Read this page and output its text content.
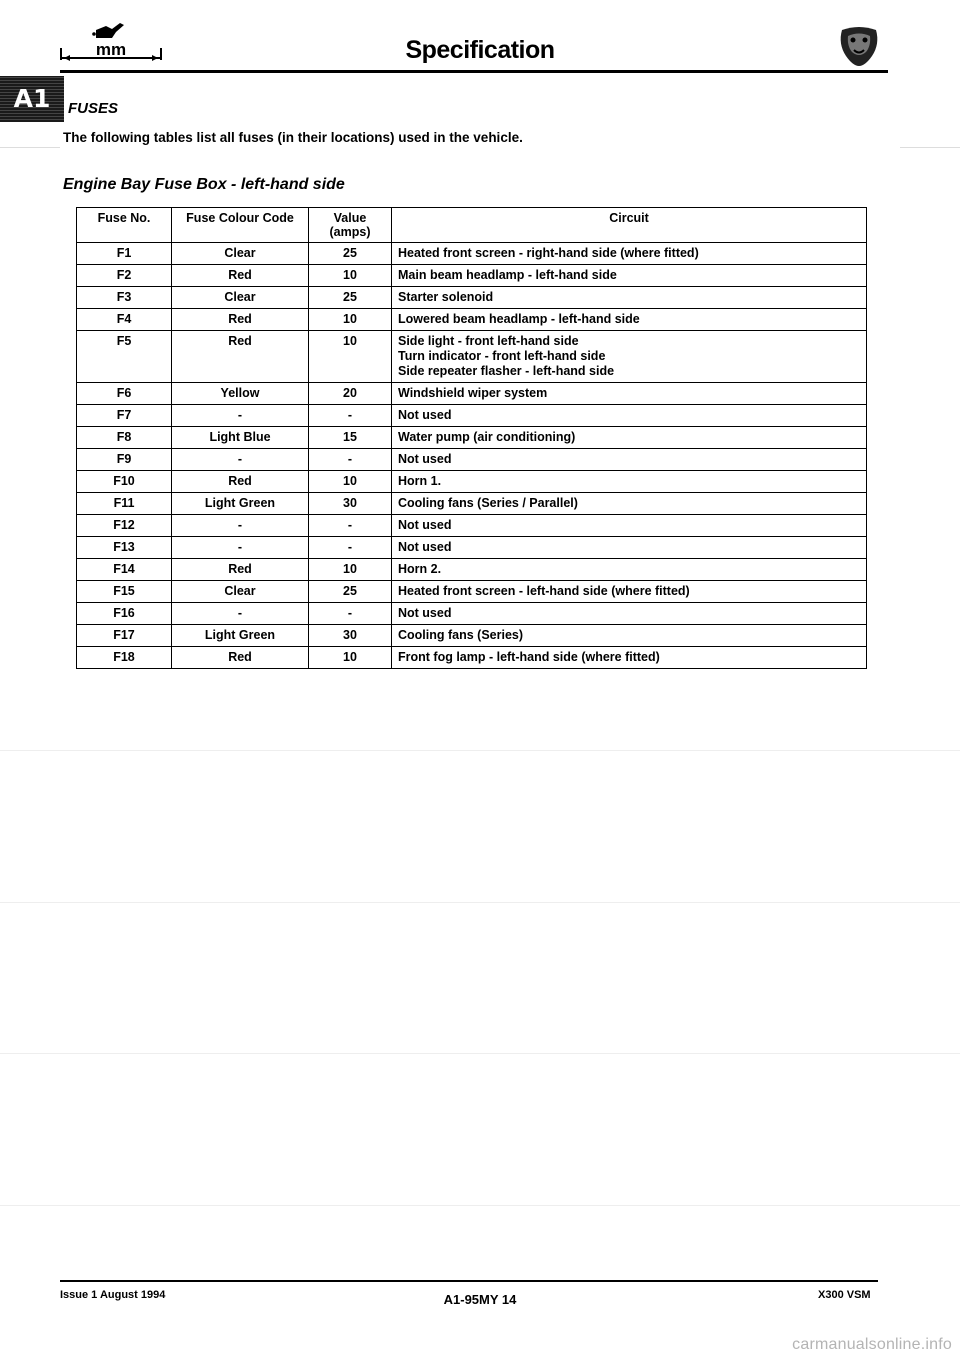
mm	Specification
A1	FUSES
The following tables list all fuses (in their locations) used in the vehicle.
Engine Bay Fuse Box - left-hand side
Fuse No.	Fuse Colour Code	Value (amps)	Circuit
F1	Clear	25	Heated front screen - right-hand side (where fitted)

F2	Red	10	Main beam headlamp - left-hand side

F3	Clear	25	Starter solenoid

F4	Red	10	Lowered beam headlamp - left-hand side

F5	Red	10	Side light - front left-hand side
Turn indicator - front left-hand side
Side repeater flasher - left-hand side

F6	Yellow	20	Windshield wiper system

F7	-	-	Not used

F8	Light Blue	15	Water pump (air conditioning)

F9	-	-	Not used

F10	Red	10	Horn 1.

F11	Light Green	30	Cooling fans (Series / Parallel)

F12	-	-	Not used

F13	-	-	Not used

F14	Red	10	Horn 2.

F15	Clear	25	Heated front screen - left-hand side (where fitted)

F16	-	-	Not used

F17	Light Green	30	Cooling fans (Series)

F18	Red	10	Front fog lamp - left-hand side (where fitted)
Issue 1 August 1994	A1-95MY 14	X300 VSM
carmanualsonline.info
